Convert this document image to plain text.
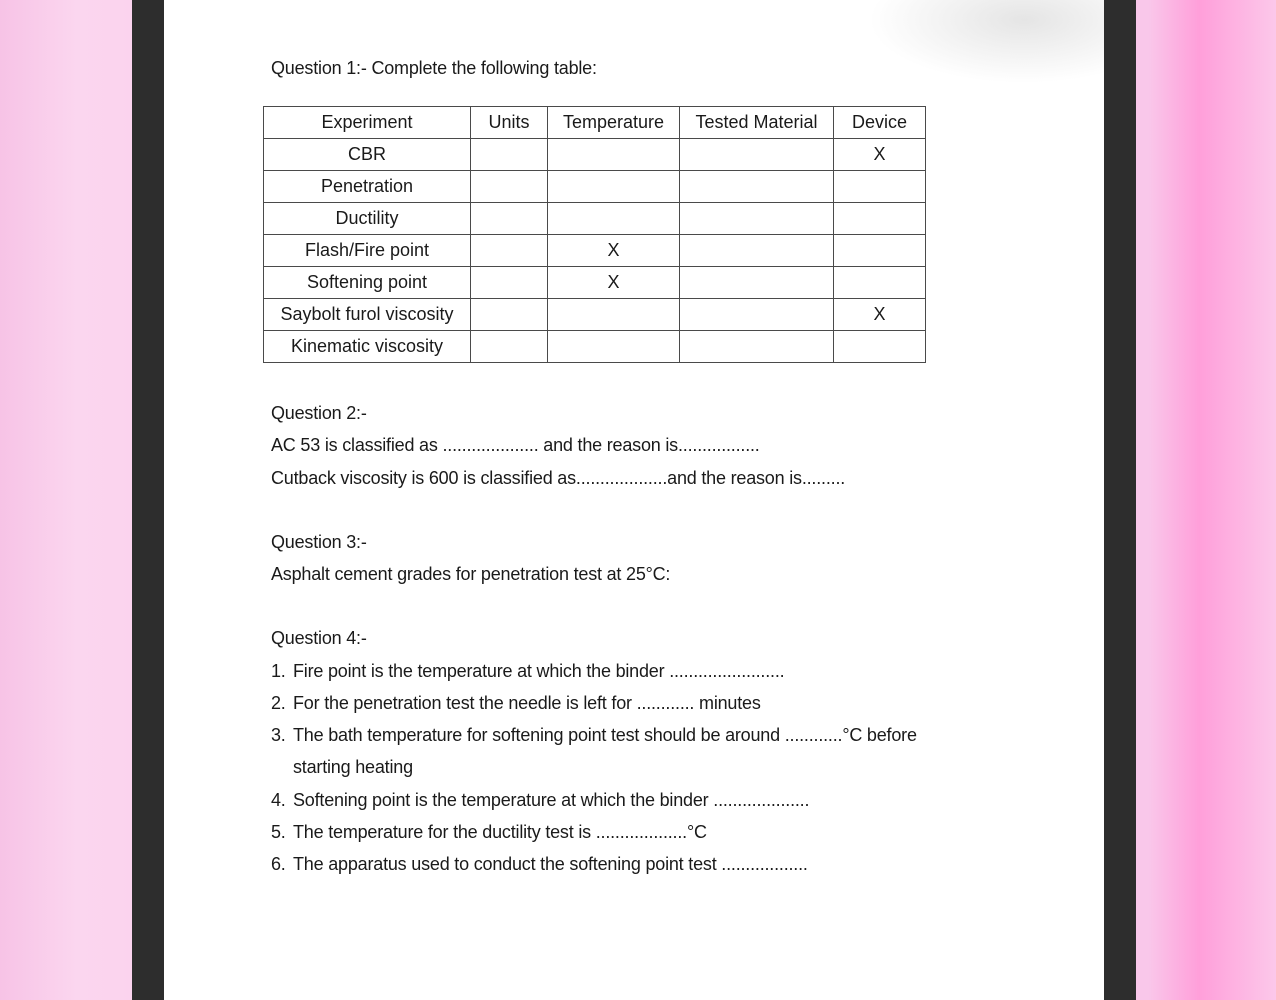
Question 1:- Complete the following table:
Experiment	Units	Temperature	Tested Material	Device
CBR				X
Penetration				
Ductility				
Flash/Fire point		X		
Softening point		X		
Saybolt furol viscosity				X
Kinematic viscosity				
Question 2:-
AC 53 is classified as .................... and the reason is.................
Cutback viscosity is 600 is classified as...................and the reason is.........
Question 3:-
Asphalt cement grades for penetration test at 25°C:
Question 4:-
1. Fire point is the temperature at which the binder ........................
2. For the penetration test the needle is left for ............ minutes
3. The bath temperature for softening point test should be around ............°C before
starting heating
4. Softening point is the temperature at which the binder ....................
5. The temperature for the ductility test is ...................°C
6. The apparatus used to conduct the softening point test ..................
